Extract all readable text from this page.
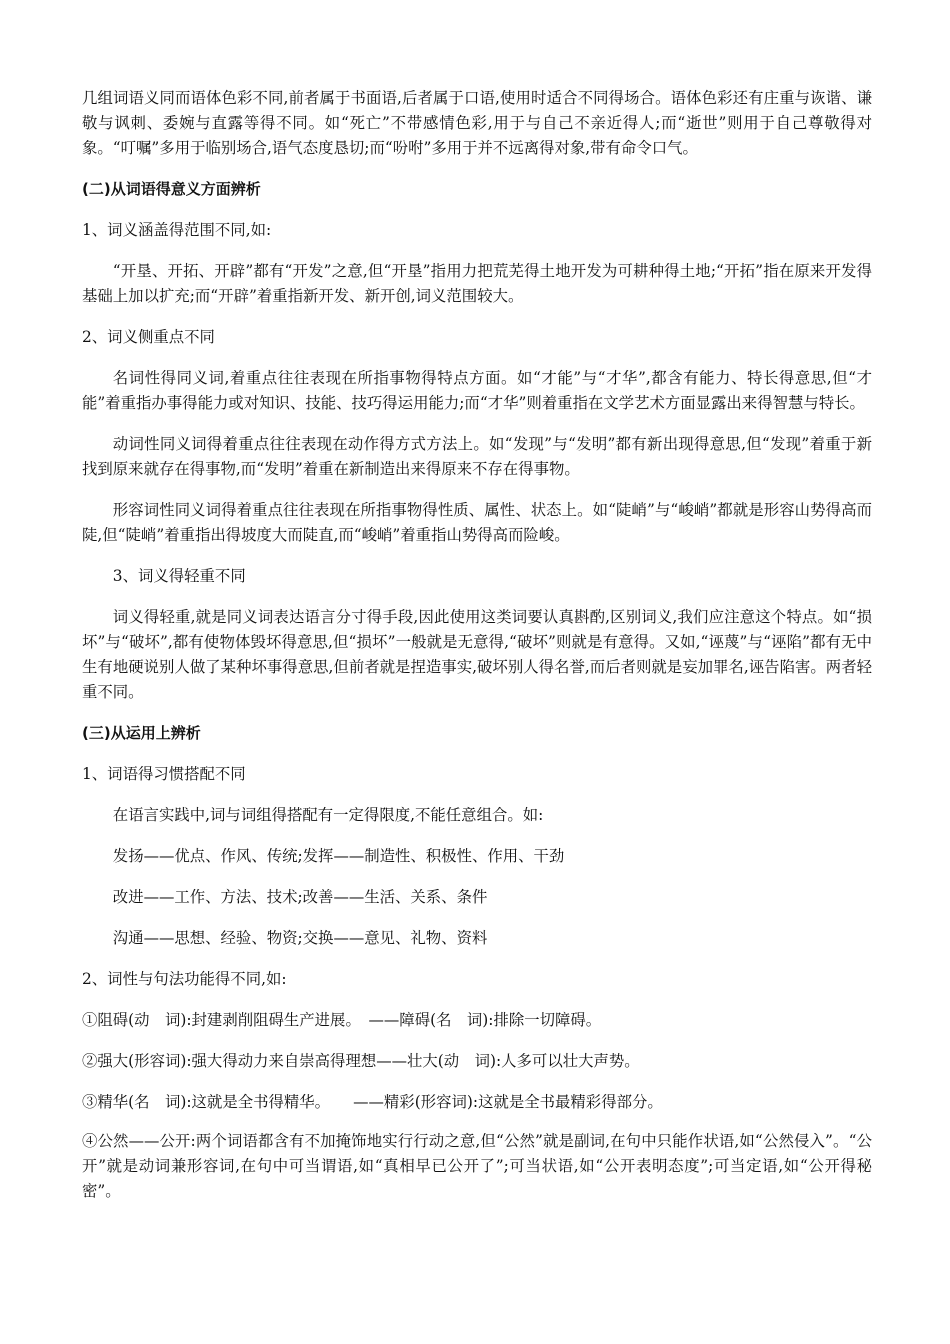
几组词语义同而语体色彩不同,前者属于书面语,后者属于口语,使用时适合不同得场合。语体色彩还有庄重与诙谐、谦敬与讽刺、委婉与直露等得不同。如“死亡”不带感情色彩,用于与自己不亲近得人;而“逝世”则用于自己尊敬得对象。“叮嘱”多用于临别场合,语气态度恳切;而“吩咐”多用于并不远离得对象,带有命令口气。

(二)从词语得意义方面辨析

1、词义涵盖得范围不同,如:

“开垦、开拓、开辟”都有“开发”之意,但“开垦”指用力把荒芜得土地开发为可耕种得土地;“开拓”指在原来开发得基础上加以扩充;而“开辟”着重指新开发、新开创,词义范围较大。

2、词义侧重点不同

名词性得同义词,着重点往往表现在所指事物得特点方面。如“才能”与“才华”,都含有能力、特长得意思,但“才能”着重指办事得能力或对知识、技能、技巧得运用能力;而“才华”则着重指在文学艺术方面显露出来得智慧与特长。

动词性同义词得着重点往往表现在动作得方式方法上。如“发现”与“发明”都有新出现得意思,但“发现”着重于新找到原来就存在得事物,而“发明”着重在新制造出来得原来不存在得事物。

形容词性同义词得着重点往往表现在所指事物得性质、属性、状态上。如“陡峭”与“峻峭”都就是形容山势得高而陡,但“陡峭”着重指出得坡度大而陡直,而“峻峭”着重指山势得高而险峻。

3、词义得轻重不同

词义得轻重,就是同义词表达语言分寸得手段,因此使用这类词要认真斟酌,区别词义,我们应注意这个特点。如“损坏”与“破坏”,都有使物体毁坏得意思,但“损坏”一般就是无意得,“破坏”则就是有意得。又如,“诬蔑”与“诬陷”都有无中生有地硬说别人做了某种坏事得意思,但前者就是捏造事实,破坏别人得名誉,而后者则就是妄加罪名,诬告陷害。两者轻重不同。

(三)从运用上辨析

1、词语得习惯搭配不同

在语言实践中,词与词组得搭配有一定得限度,不能任意组合。如:

发扬——优点、作风、传统;发挥——制造性、积极性、作用、干劲

改进——工作、方法、技术;改善——生活、关系、条件

沟通——思想、经验、物资;交换——意见、礼物、资料

2、词性与句法功能得不同,如:

①阻碍(动　词):封建剥削阻碍生产进展。　——障碍(名　词):排除一切障碍。

②强大(形容词):强大得动力来自崇高得理想——壮大(动　词):人多可以壮大声势。

③精华(名　词):这就是全书得精华。　　——精彩(形容词):这就是全书最精彩得部分。

④公然——公开:两个词语都含有不加掩饰地实行行动之意,但“公然”就是副词,在句中只能作状语,如“公然侵入”。“公开”就是动词兼形容词,在句中可当谓语,如“真相早已公开了”;可当状语,如“公开表明态度”;可当定语,如“公开得秘密”。
